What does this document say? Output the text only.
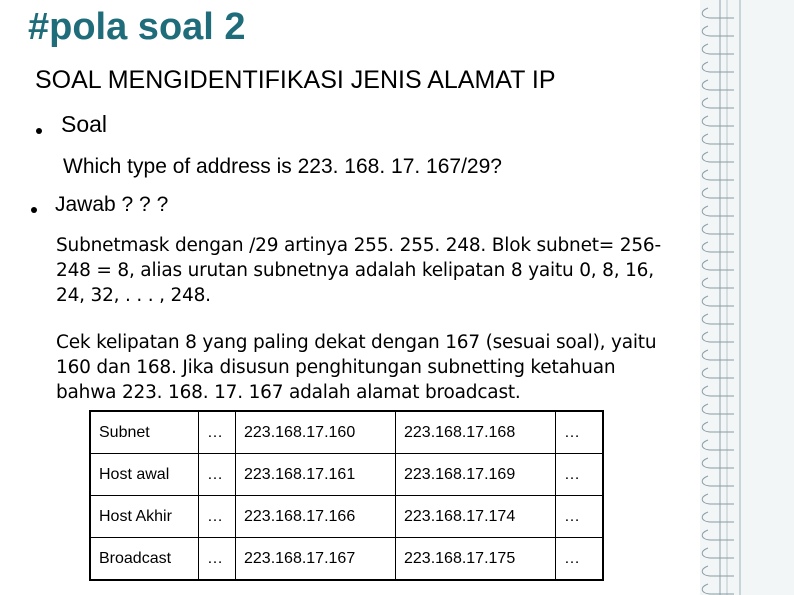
#pola soal 2
SOAL MENGIDENTIFIKASI JENIS ALAMAT IP
Soal
Which type of address is 223. 168. 17. 167/29?
Jawab ? ? ?
Subnetmask dengan /29 artinya 255. 255. 248. Blok subnet= 256-248 = 8, alias urutan subnetnya adalah kelipatan 8 yaitu 0, 8, 16, 24, 32, . . . , 248.
Cek kelipatan 8 yang paling dekat dengan 167 (sesuai soal), yaitu 160 dan 168. Jika disusun penghitungan subnetting ketahuan bahwa 223. 168. 17. 167 adalah alamat broadcast.
Subnet	…	223.168.17.160	223.168.17.168	…
Host awal	…	223.168.17.161	223.168.17.169	…
Host Akhir	…	223.168.17.166	223.168.17.174	…
Broadcast	…	223.168.17.167	223.168.17.175	…
